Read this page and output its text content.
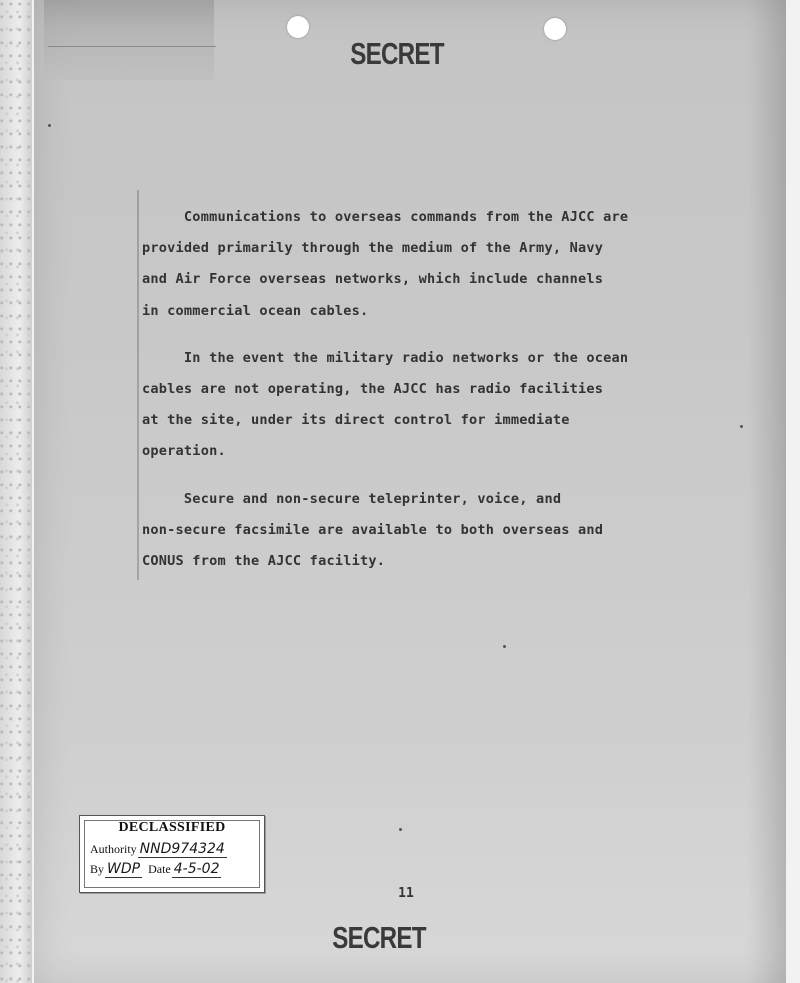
SECRET

Communications to overseas commands from the AJCC are
provided primarily through the medium of the Army, Navy
and Air Force overseas networks, which include channels
in commercial ocean cables.

In the event the military radio networks or the ocean
cables are not operating, the AJCC has radio facilities
at the site, under its direct control for immediate
operation.

Secure and non-secure teleprinter, voice, and
non-secure facsimile are available to both overseas and
CONUS from the AJCC facility.

DECLASSIFIED
Authority NND974324
By WDP Date 4-5-02
11
SECRET
